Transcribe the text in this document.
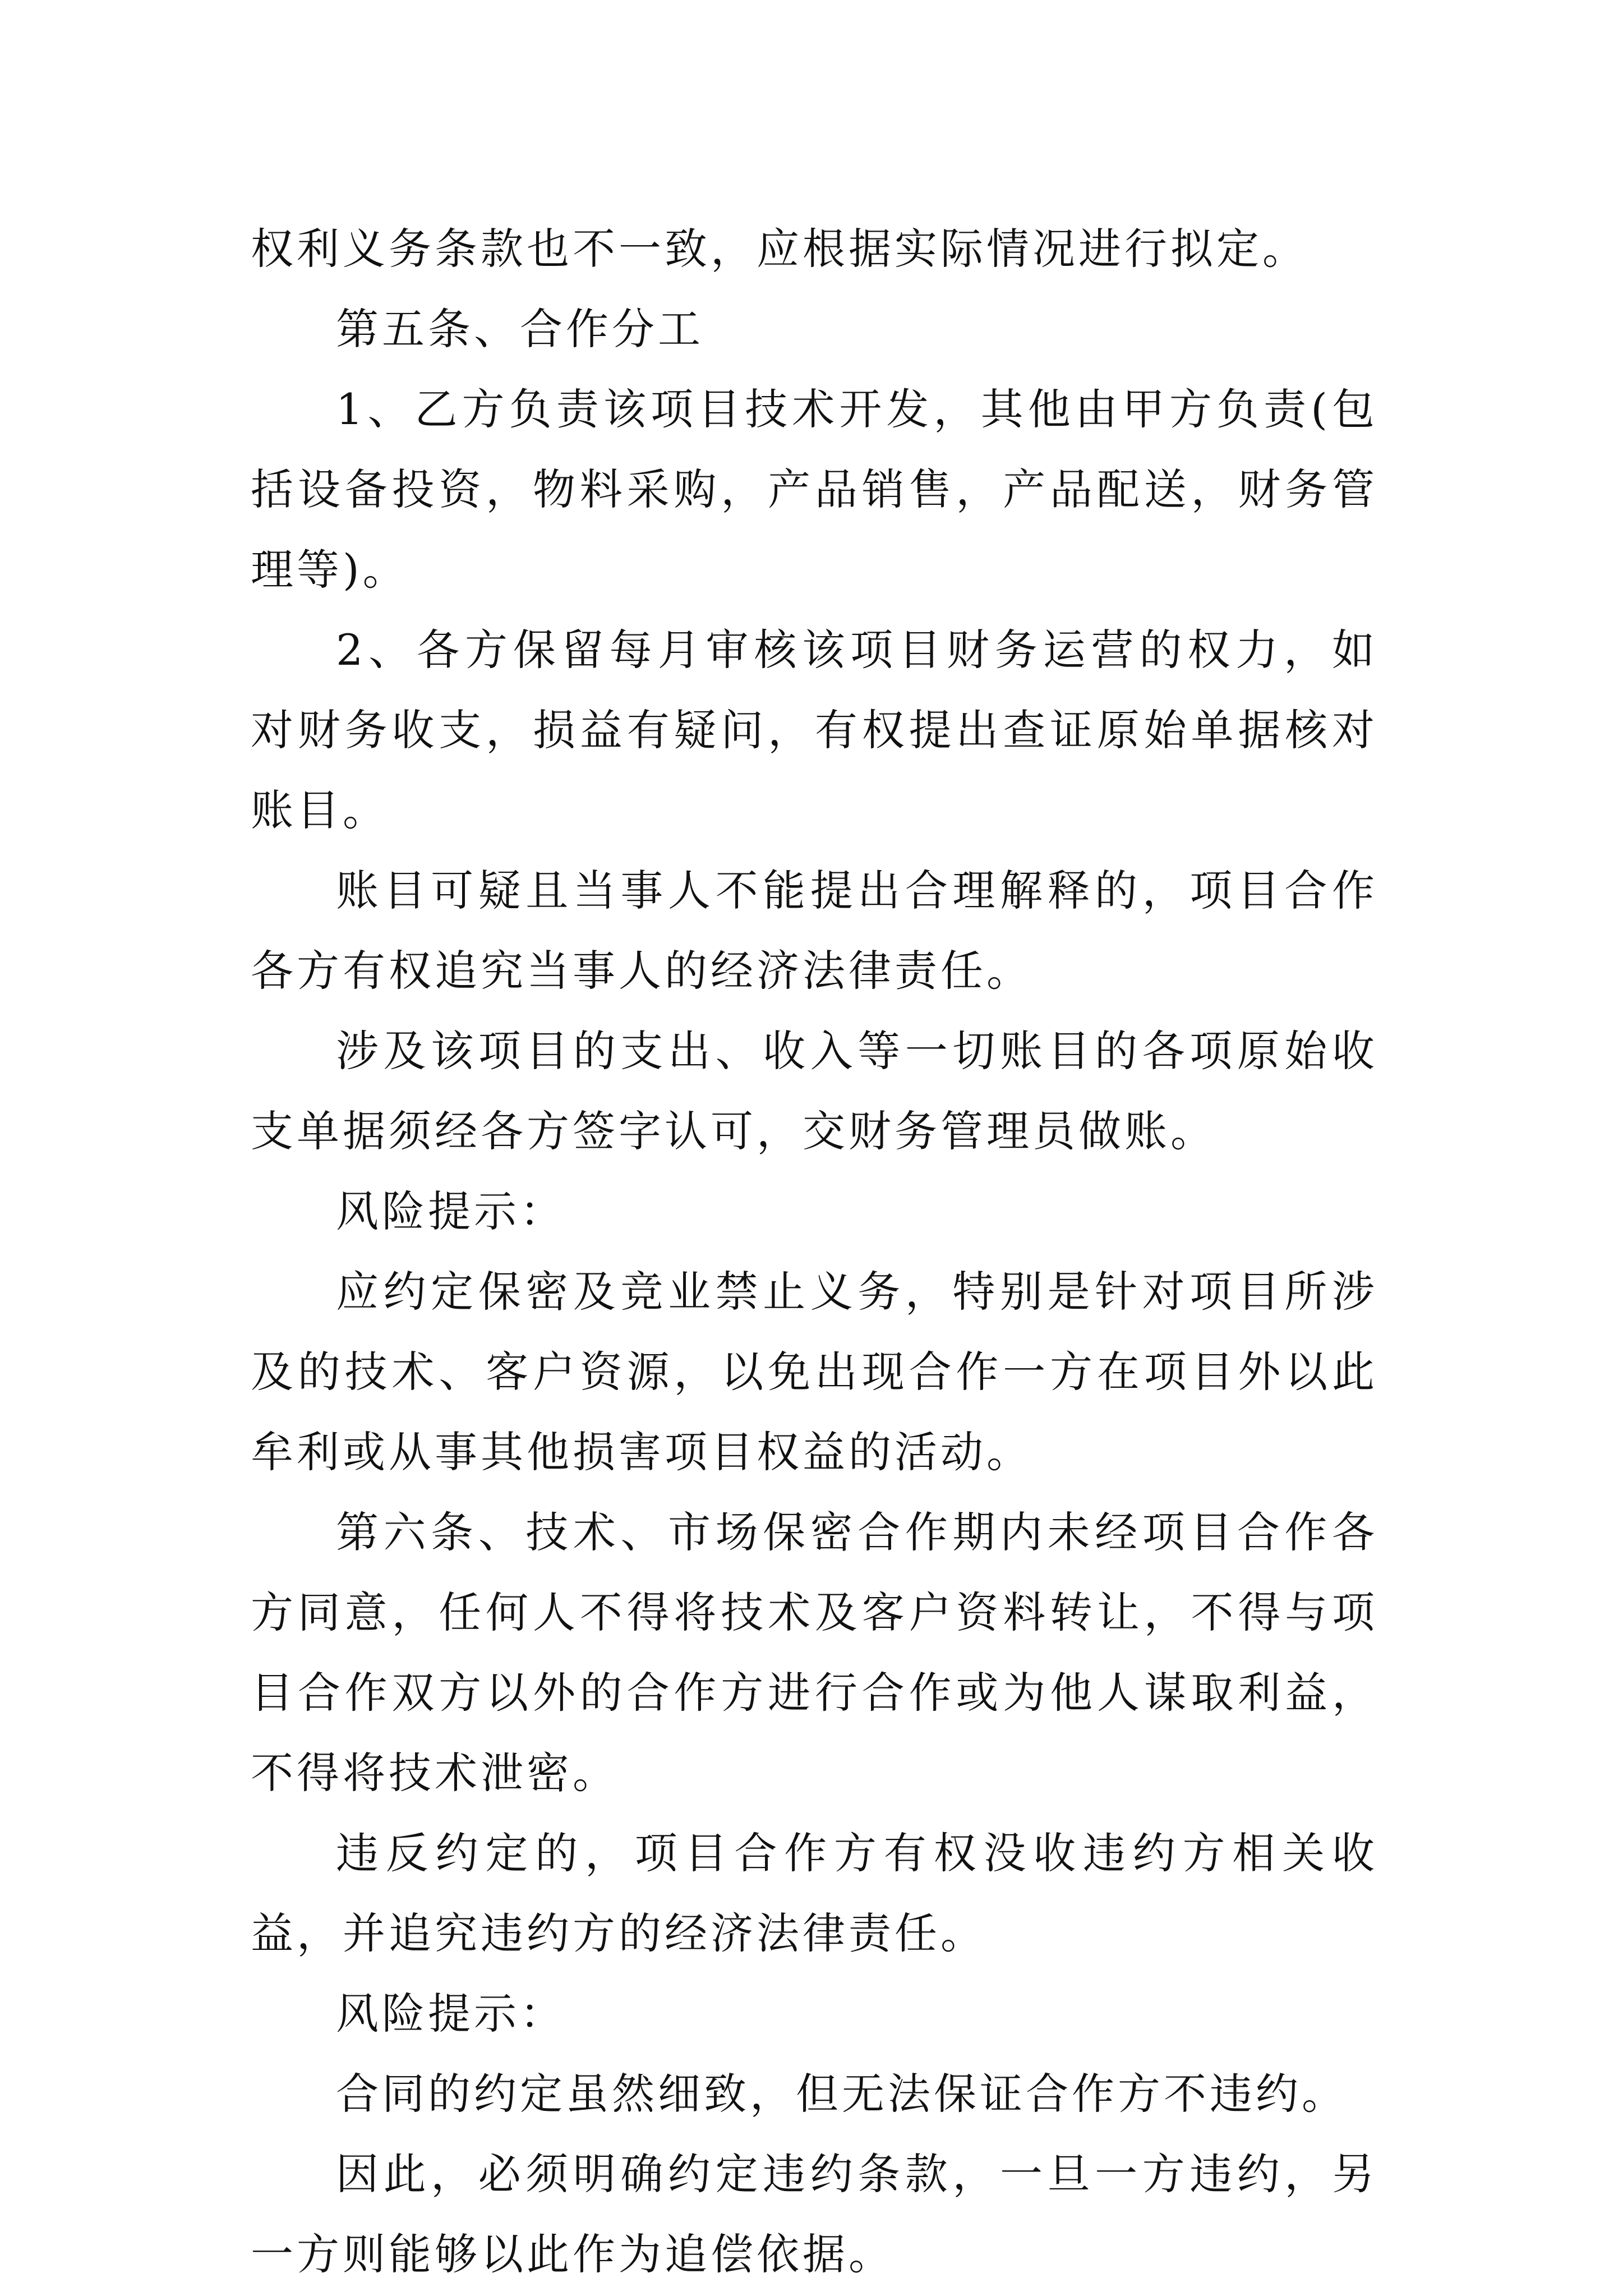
权利义务条款也不一致，应根据实际情况进行拟定。

第五条、合作分工

1、乙方负责该项目技术开发，其他由甲方负责(包括设备投资，物料采购，产品销售，产品配送，财务管理等)。

2、各方保留每月审核该项目财务运营的权力，如对财务收支，损益有疑问，有权提出查证原始单据核对账目。

账目可疑且当事人不能提出合理解释的，项目合作各方有权追究当事人的经济法律责任。

涉及该项目的支出、收入等一切账目的各项原始收支单据须经各方签字认可，交财务管理员做账。

风险提示：

应约定保密及竞业禁止义务，特别是针对项目所涉及的技术、客户资源，以免出现合作一方在项目外以此牟利或从事其他损害项目权益的活动。

第六条、技术、市场保密合作期内未经项目合作各方同意，任何人不得将技术及客户资料转让，不得与项目合作双方以外的合作方进行合作或为他人谋取利益，不得将技术泄密。

违反约定的，项目合作方有权没收违约方相关收益，并追究违约方的经济法律责任。

风险提示：

合同的约定虽然细致，但无法保证合作方不违约。

因此，必须明确约定违约条款，一旦一方违约，另一方则能够以此作为追偿依据。
